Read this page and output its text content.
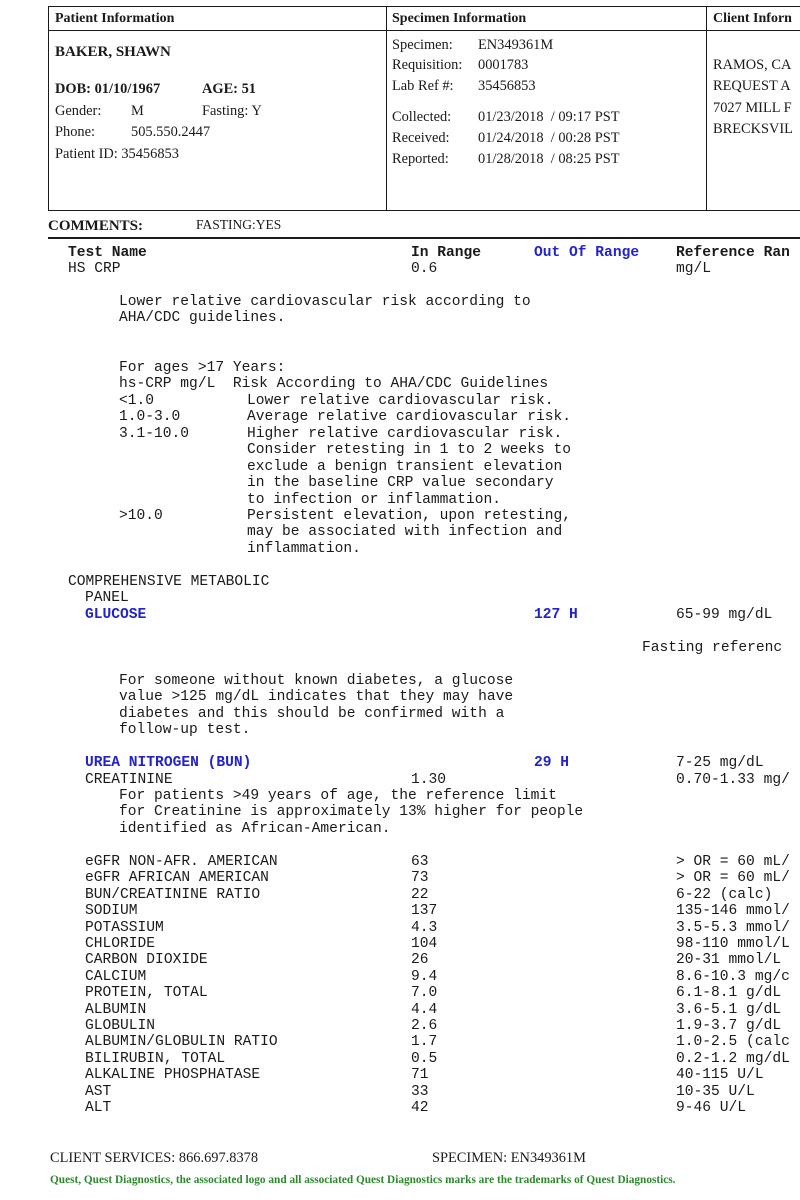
Patient Information	Specimen Information	Client Inforn
BAKER, SHAWN
DOB: 01/10/1967	AGE: 51
Gender: M	Fasting: Y
Phone:	505.550.2447
Patient ID: 35456853
Specimen: EN349361M
Requisition: 0001783
Lab Ref #: 35456853
Collected: 01/23/2018  / 09:17 PST
Received: 01/24/2018  / 00:28 PST
Reported: 01/28/2018  / 08:25 PST
RAMOS, CA
REQUEST A
7027 MILL F
BRECKSVIL
COMMENTS:	FASTING:YES
Test Name	In Range	Out Of Range	Reference Ran
HS CRP	0.6	mg/L
Lower relative cardiovascular risk according to
AHA/CDC guidelines.
For ages >17 Years:
hs-CRP mg/L  Risk According to AHA/CDC Guidelines
<1.0	Lower relative cardiovascular risk.
1.0-3.0	Average relative cardiovascular risk.
3.1-10.0	Higher relative cardiovascular risk.
Consider retesting in 1 to 2 weeks to
exclude a benign transient elevation
in the baseline CRP value secondary
to infection or inflammation.
>10.0	Persistent elevation, upon retesting,
may be associated with infection and
inflammation.
COMPREHENSIVE METABOLIC
PANEL
GLUCOSE	127 H	65-99 mg/dL
Fasting referenc
For someone without known diabetes, a glucose
value >125 mg/dL indicates that they may have
diabetes and this should be confirmed with a
follow-up test.
UREA NITROGEN (BUN)	29 H	7-25 mg/dL
CREATININE	1.30	0.70-1.33 mg/
For patients >49 years of age, the reference limit
for Creatinine is approximately 13% higher for people
identified as African-American.
eGFR NON-AFR. AMERICAN	63	> OR = 60 mL/
eGFR AFRICAN AMERICAN	73	> OR = 60 mL/
BUN/CREATININE RATIO	22	6-22 (calc)
SODIUM	137	135-146 mmol/
POTASSIUM	4.3	3.5-5.3 mmol/
CHLORIDE	104	98-110 mmol/L
CARBON DIOXIDE	26	20-31 mmol/L
CALCIUM	9.4	8.6-10.3 mg/c
PROTEIN, TOTAL	7.0	6.1-8.1 g/dL
ALBUMIN	4.4	3.6-5.1 g/dL
GLOBULIN	2.6	1.9-3.7 g/dL
ALBUMIN/GLOBULIN RATIO	1.7	1.0-2.5 (calc
BILIRUBIN, TOTAL	0.5	0.2-1.2 mg/dL
ALKALINE PHOSPHATASE	71	40-115 U/L
AST	33	10-35 U/L
ALT	42	9-46 U/L
CLIENT SERVICES: 866.697.8378	SPECIMEN: EN349361M
Quest, Quest Diagnostics, the associated logo and all associated Quest Diagnostics marks are the trademarks of Quest Diagnostics.
